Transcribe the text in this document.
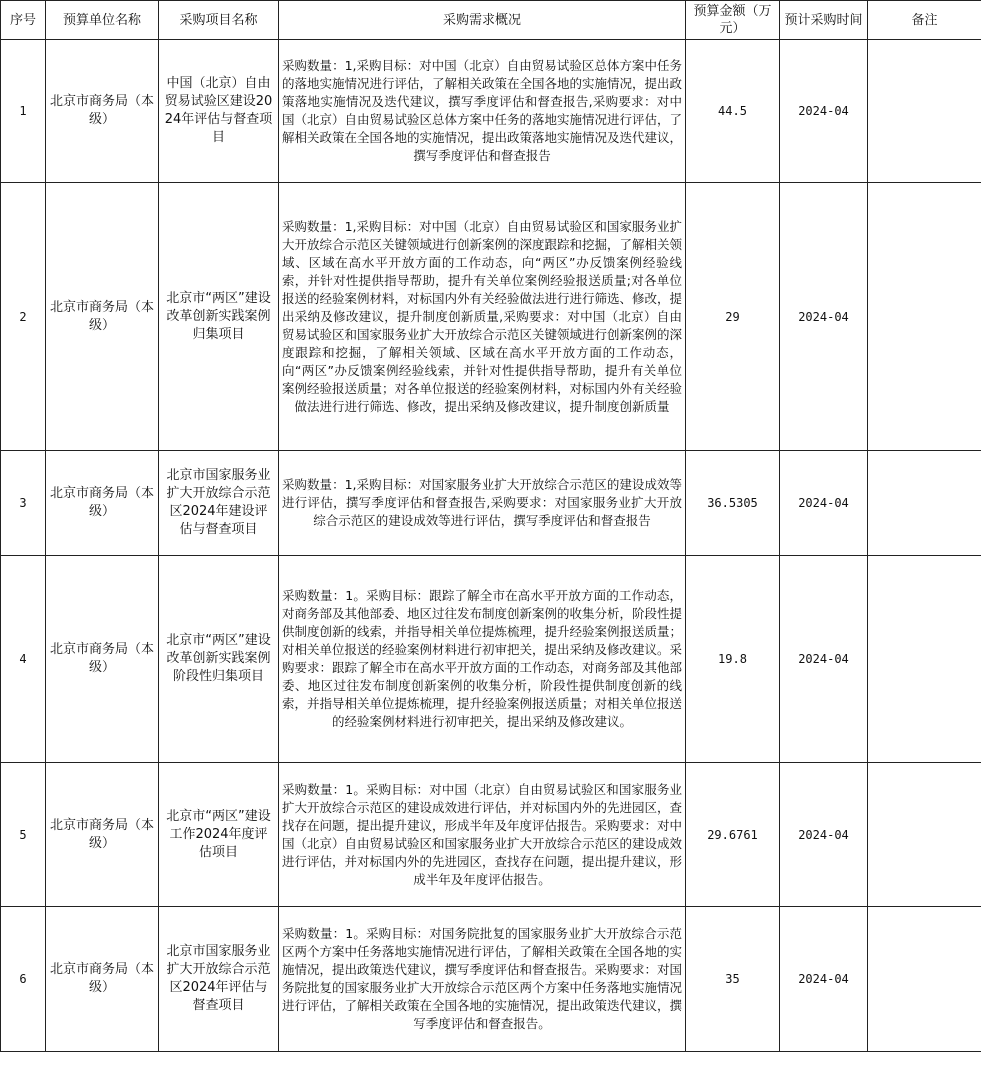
序号	预算单位名称	采购项目名称	采购需求概况	预算金额（万元）	预计采购时间	备注
1	北京市商务局（本级）	中国（北京）自由贸易试验区建设2024年评估与督查项目	采购数量：1,采购目标：对中国（北京）自由贸易试验区总体方案中任务的落地实施情况进行评估，了解相关政策在全国各地的实施情况，提出政策落地实施情况及迭代建议，撰写季度评估和督查报告,采购要求：对中国（北京）自由贸易试验区总体方案中任务的落地实施情况进行评估，了解相关政策在全国各地的实施情况，提出政策落地实施情况及迭代建议，撰写季度评估和督查报告	44.5	2024-04	
2	北京市商务局（本级）	北京市“两区”建设改革创新实践案例归集项目	采购数量：1,采购目标：对中国（北京）自由贸易试验区和国家服务业扩大开放综合示范区关键领域进行创新案例的深度跟踪和挖掘，了解相关领域、区域在高水平开放方面的工作动态，向“两区”办反馈案例经验线索，并针对性提供指导帮助，提升有关单位案例经验报送质量;对各单位报送的经验案例材料，对标国内外有关经验做法进行进行筛选、修改，提出采纳及修改建议，提升制度创新质量,采购要求：对中国（北京）自由贸易试验区和国家服务业扩大开放综合示范区关键领域进行创新案例的深度跟踪和挖掘，了解相关领域、区域在高水平开放方面的工作动态，向“两区”办反馈案例经验线索，并针对性提供指导帮助，提升有关单位案例经验报送质量；对各单位报送的经验案例材料，对标国内外有关经验做法进行进行筛选、修改，提出采纳及修改建议，提升制度创新质量	29	2024-04	
3	北京市商务局（本级）	北京市国家服务业扩大开放综合示范区2024年建设评估与督查项目	采购数量：1,采购目标：对国家服务业扩大开放综合示范区的建设成效等进行评估，撰写季度评估和督查报告,采购要求：对国家服务业扩大开放综合示范区的建设成效等进行评估，撰写季度评估和督查报告	36.5305	2024-04	
4	北京市商务局（本级）	北京市“两区”建设改革创新实践案例阶段性归集项目	采购数量：1。采购目标：跟踪了解全市在高水平开放方面的工作动态，对商务部及其他部委、地区过往发布制度创新案例的收集分析，阶段性提供制度创新的线索，并指导相关单位提炼梳理，提升经验案例报送质量；对相关单位报送的经验案例材料进行初审把关，提出采纳及修改建议。采购要求：跟踪了解全市在高水平开放方面的工作动态，对商务部及其他部委、地区过往发布制度创新案例的收集分析，阶段性提供制度创新的线索，并指导相关单位提炼梳理，提升经验案例报送质量；对相关单位报送的经验案例材料进行初审把关，提出采纳及修改建议。	19.8	2024-04	
5	北京市商务局（本级）	北京市“两区”建设工作2024年度评估项目	采购数量：1。采购目标：对中国（北京）自由贸易试验区和国家服务业扩大开放综合示范区的建设成效进行评估，并对标国内外的先进园区，查找存在问题，提出提升建议，形成半年及年度评估报告。采购要求：对中国（北京）自由贸易试验区和国家服务业扩大开放综合示范区的建设成效进行评估，并对标国内外的先进园区，查找存在问题，提出提升建议，形成半年及年度评估报告。	29.6761	2024-04	
6	北京市商务局（本级）	北京市国家服务业扩大开放综合示范区2024年评估与督查项目	采购数量：1。采购目标：对国务院批复的国家服务业扩大开放综合示范区两个方案中任务落地实施情况进行评估，了解相关政策在全国各地的实施情况，提出政策迭代建议，撰写季度评估和督查报告。采购要求：对国务院批复的国家服务业扩大开放综合示范区两个方案中任务落地实施情况进行评估，了解相关政策在全国各地的实施情况，提出政策迭代建议，撰写季度评估和督查报告。	35	2024-04	
